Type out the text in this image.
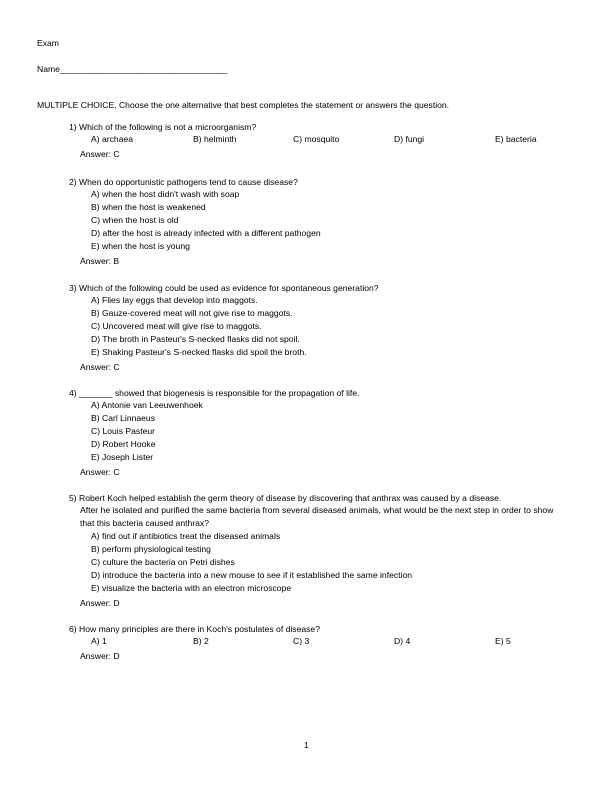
Exam
Name___________________________________
MULTIPLE CHOICE. Choose the one alternative that best completes the statement or answers the question.
1) Which of the following is not a microorganism?
A) archaea	B) helminth	C) mosquito	D) fungi	E) bacteria
Answer: C
2) When do opportunistic pathogens tend to cause disease?
A) when the host didn't wash with soap
B) when the host is weakened
C) when the host is old
D) after the host is already infected with a different pathogen
E) when the host is young
Answer: B
3) Which of the following could be used as evidence for spontaneous generation?
A) Flies lay eggs that develop into maggots.
B) Gauze-covered meat will not give rise to maggots.
C) Uncovered meat will give rise to maggots.
D) The broth in Pasteur's S-necked flasks did not spoil.
E) Shaking Pasteur's S-necked flasks did spoil the broth.
Answer: C
4) _______ showed that biogenesis is responsible for the propagation of life.
A) Antonie van Leeuwenhoek
B) Carl Linnaeus
C) Louis Pasteur
D) Robert Hooke
E) Joseph Lister
Answer: C
5) Robert Koch helped establish the germ theory of disease by discovering that anthrax was caused by a disease.
After he isolated and purified the same bacteria from several diseased animals, what would be the next step in order to show that this bacteria caused anthrax?
A) find out if antibiotics treat the diseased animals
B) perform physiological testing
C) culture the bacteria on Petri dishes
D) introduce the bacteria into a new mouse to see if it established the same infection
E) visualize the bacteria with an electron microscope
Answer: D
6) How many principles are there in Koch's postulates of disease?
A) 1	B) 2	C) 3	D) 4	E) 5
Answer: D
1
